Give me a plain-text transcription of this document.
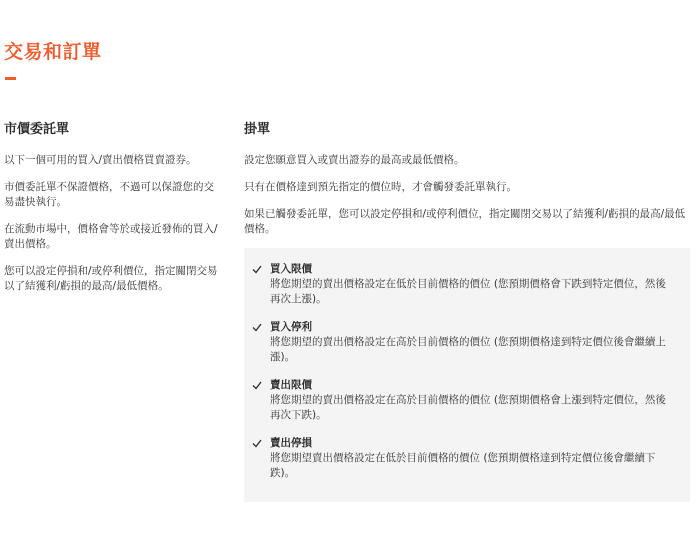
交易和訂單
市價委託單

以下一個可用的買入/賣出價格買賣證券。

市價委託單不保證價格，不過可以保證您的交易盡快執行。

在流動市場中，價格會等於或接近發佈的買入/賣出價格。

您可以設定停損和/或停利價位，指定關閉交易以了結獲利/虧損的最高/最低價格。

掛單

設定您願意買入或賣出證券的最高或最低價格。

只有在價格達到預先指定的價位時，才會觸發委託單執行。

如果已觸發委託單，您可以設定停損和/或停利價位，指定關閉交易以了結獲利/虧損的最高/最低價格。

買入限價
將您期望的賣出價格設定在低於目前價格的價位 (您預期價格會下跌到特定價位，然後再次上漲)。
買入停利
將您期望的賣出價格設定在高於目前價格的價位 (您預期價格達到特定價位後會繼續上漲)。
賣出限價
將您期望的賣出價格設定在高於目前價格的價位 (您預期價格會上漲到特定價位，然後再次下跌)。
賣出停損
將您期望賣出價格設定在低於目前價格的價位 (您預期價格達到特定價位後會繼續下跌)。
